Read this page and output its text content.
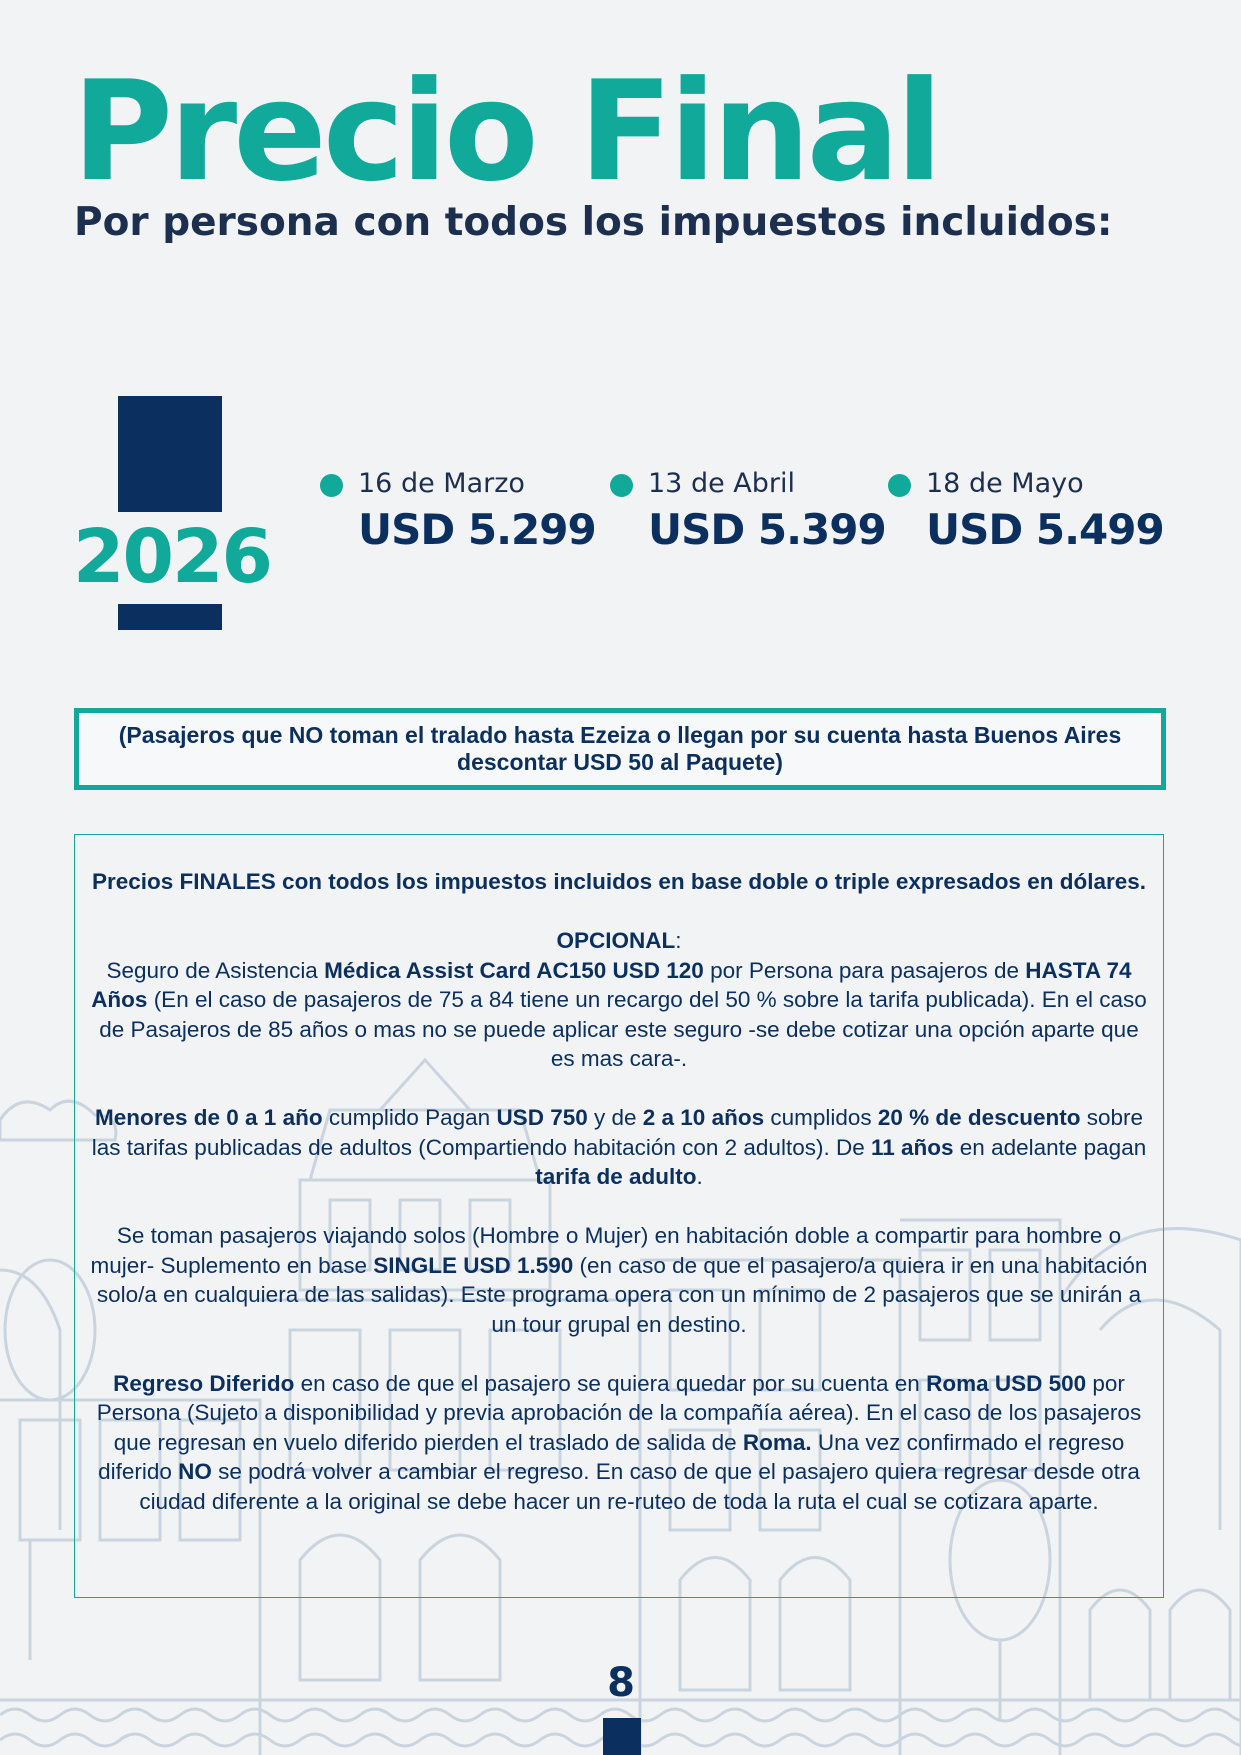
Precio Final
Por persona con todos los impuestos incluidos:
2026
16 de Marzo
USD 5.299
13 de Abril
USD 5.399
18 de Mayo
USD 5.499
(Pasajeros que NO toman el tralado hasta Ezeiza o llegan por su cuenta hasta Buenos Aires descontar USD 50 al Paquete)

Precios FINALES con todos los impuestos incluidos en base doble o triple expresados en dólares.

OPCIONAL:
Seguro de Asistencia Médica Assist Card AC150 USD 120 por Persona para pasajeros de HASTA 74 Años (En el caso de pasajeros de 75 a 84 tiene un recargo del 50 % sobre la tarifa publicada). En el caso de Pasajeros de 85 años o mas no se puede aplicar este seguro -se debe cotizar una opción aparte que es mas cara-.

Menores de 0 a 1 año cumplido Pagan USD 750 y de 2 a 10 años cumplidos 20 % de descuento sobre las tarifas publicadas de adultos (Compartiendo habitación con 2 adultos). De 11 años en adelante pagan tarifa de adulto.

Se toman pasajeros viajando solos (Hombre o Mujer) en habitación doble a compartir para hombre o mujer- Suplemento en base SINGLE USD 1.590 (en caso de que el pasajero/a quiera ir en una habitación solo/a en cualquiera de las salidas). Este programa opera con un mínimo de 2 pasajeros que se unirán a un tour grupal en destino.

Regreso Diferido en caso de que el pasajero se quiera quedar por su cuenta en Roma USD 500 por Persona (Sujeto a disponibilidad y previa aprobación de la compañía aérea). En el caso de los pasajeros que regresan en vuelo diferido pierden el traslado de salida de Roma. Una vez confirmado el regreso diferido NO se podrá volver a cambiar el regreso. En caso de que el pasajero quiera regresar desde otra ciudad diferente a la original se debe hacer un re-ruteo de toda la ruta el cual se cotizara aparte.

8
